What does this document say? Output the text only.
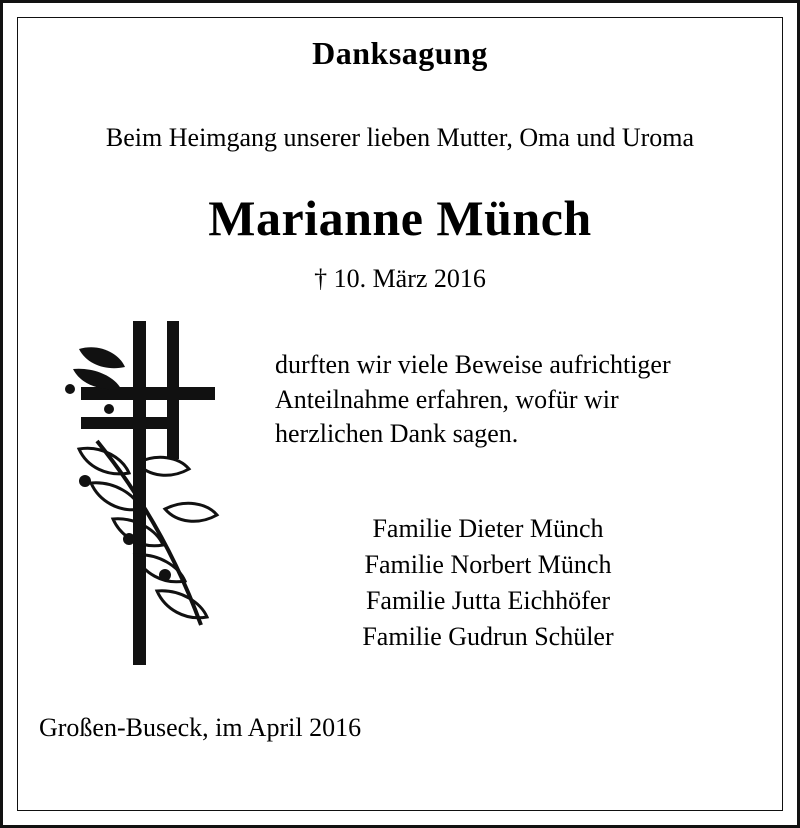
Danksagung
Beim Heimgang unserer lieben Mutter, Oma und Uroma
Marianne Münch
† 10. März 2016
durften wir viele Beweise aufrichtiger
Anteilnahme erfahren, wofür wir
herzlichen Dank sagen.
Familie Dieter Münch
Familie Norbert Münch
Familie Jutta Eichhöfer
Familie Gudrun Schüler
Großen-Buseck, im April 2016
